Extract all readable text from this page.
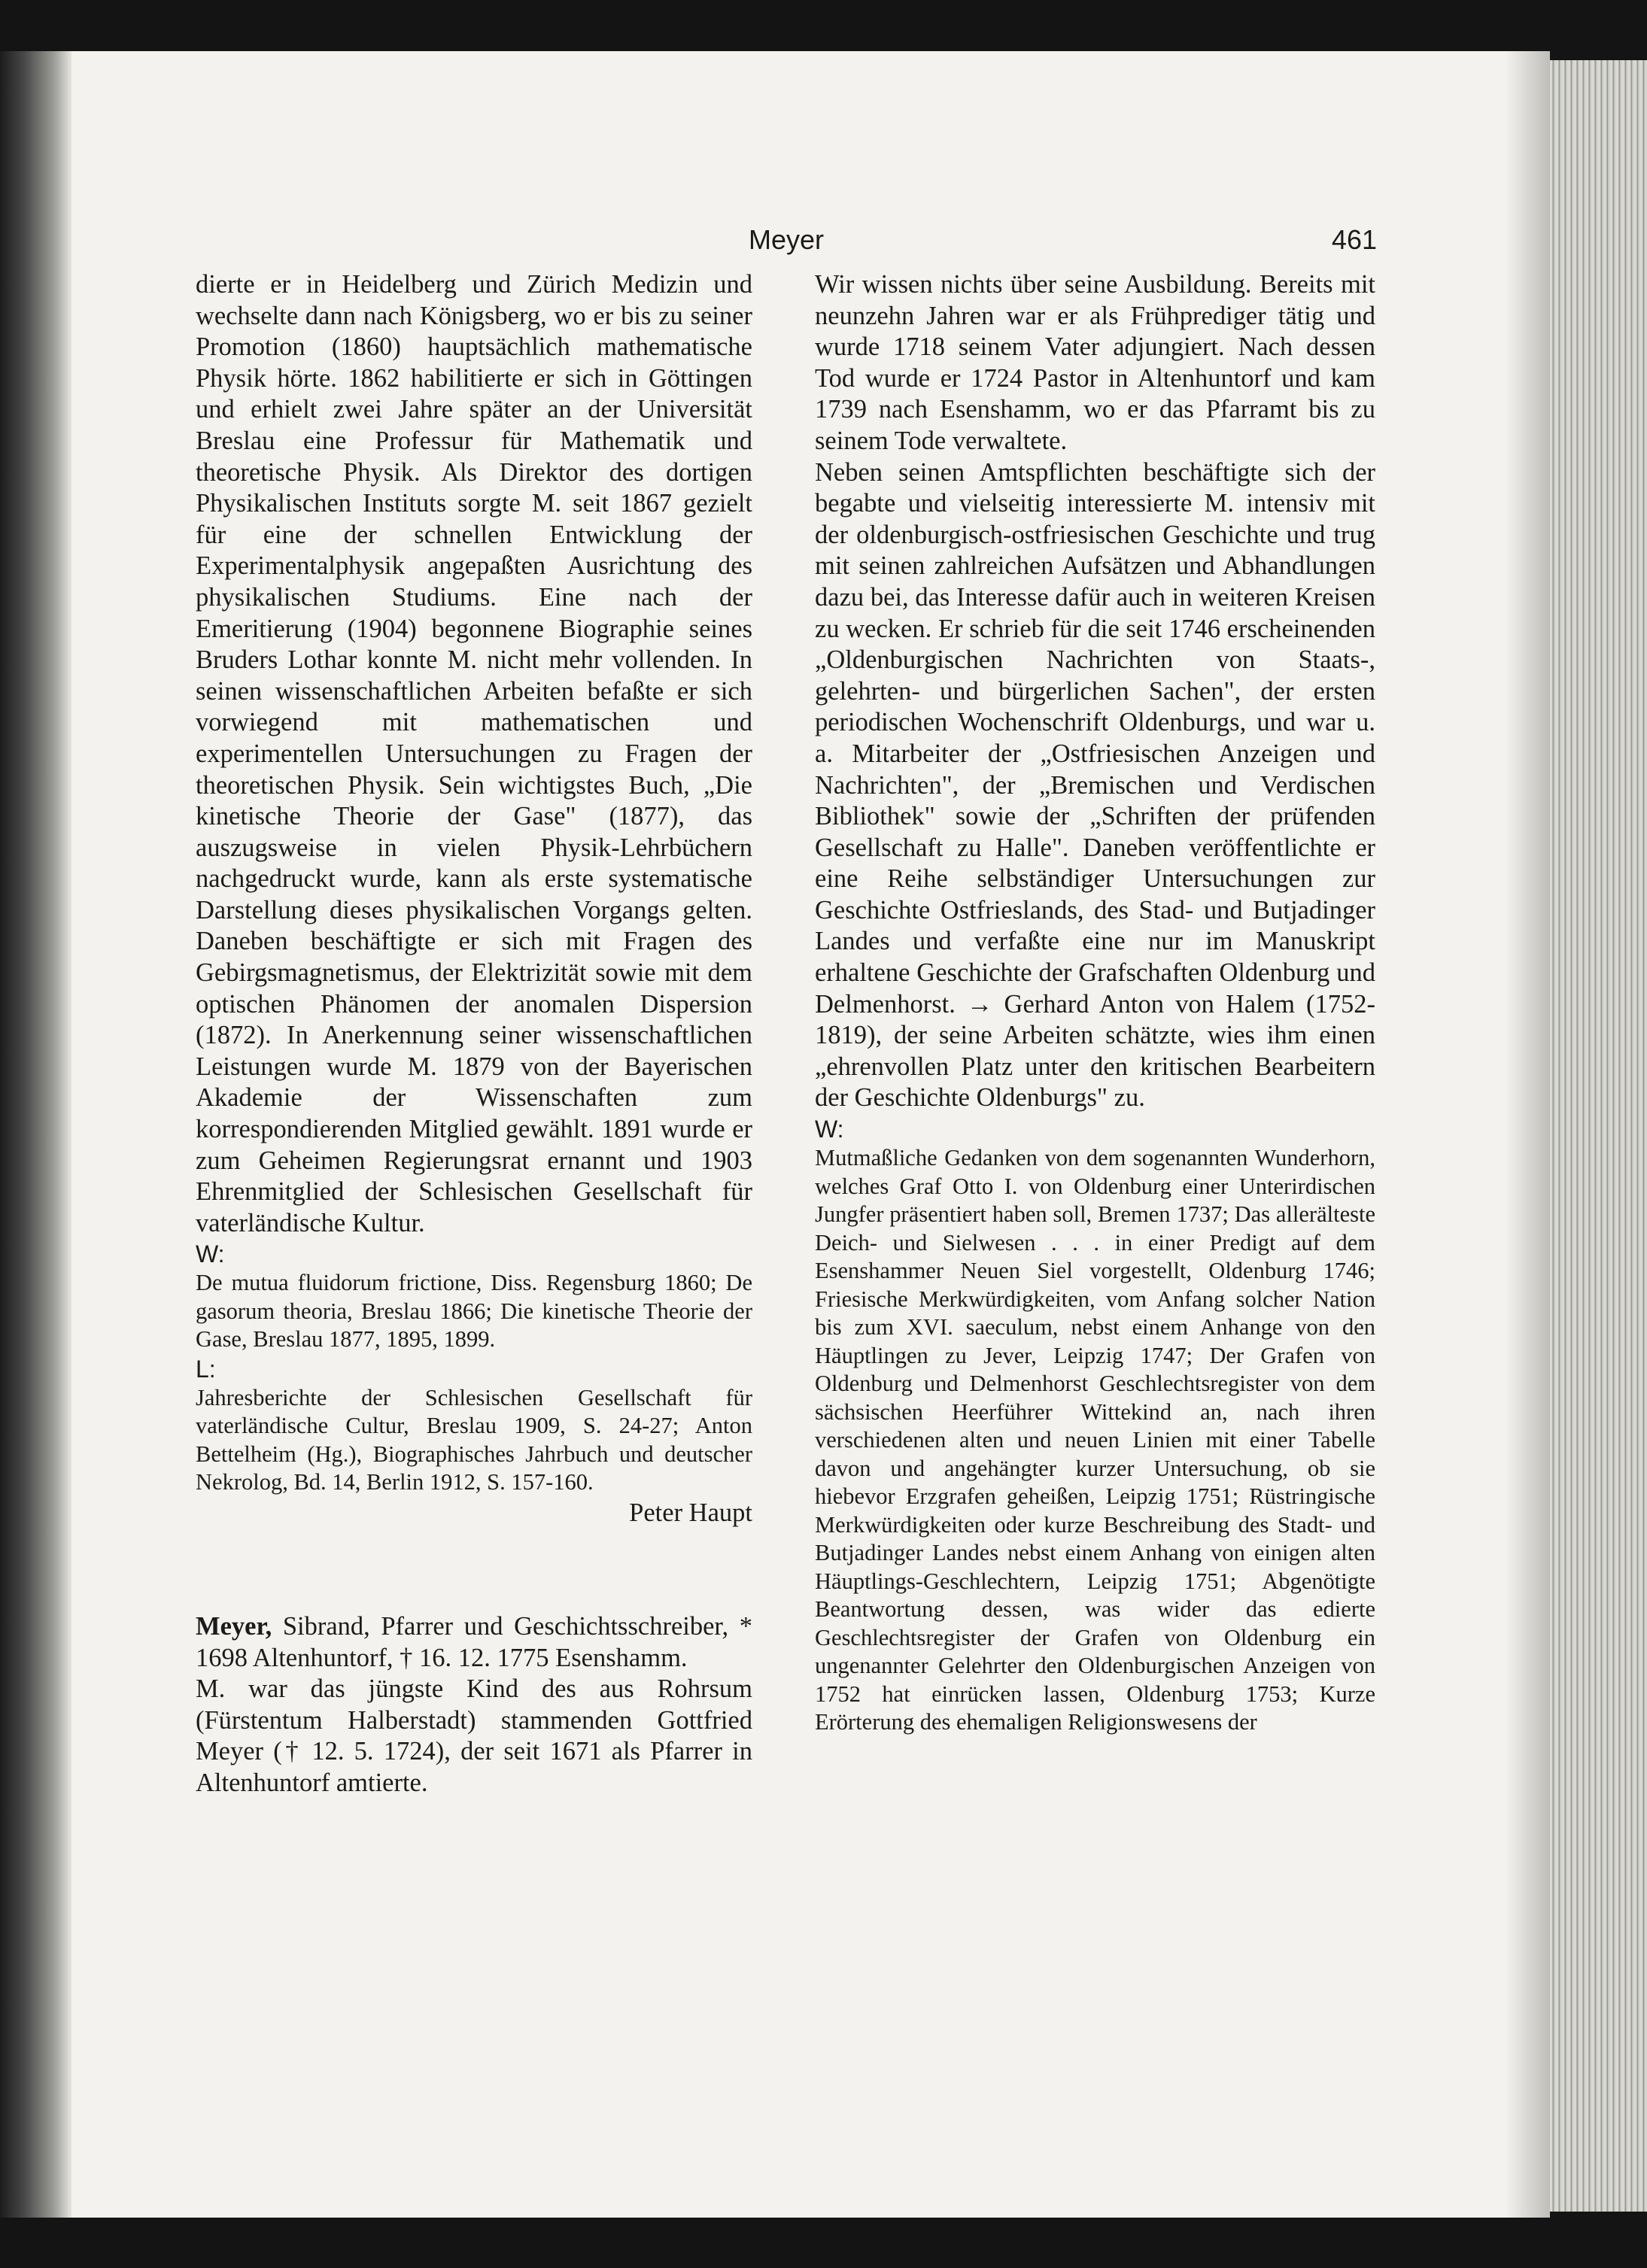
Meyer	461

dierte er in Heidelberg und Zürich Medizin und wechselte dann nach Königsberg, wo er bis zu seiner Promotion (1860) hauptsächlich mathematische Physik hörte. 1862 habilitierte er sich in Göttingen und erhielt zwei Jahre später an der Universität Breslau eine Professur für Mathematik und theoretische Physik. Als Direktor des dortigen Physikalischen Instituts sorgte M. seit 1867 gezielt für eine der schnellen Entwicklung der Experimentalphysik angepaßten Ausrichtung des physikalischen Studiums. Eine nach der Emeritierung (1904) begonnene Biographie seines Bruders Lothar konnte M. nicht mehr vollenden. In seinen wissenschaftlichen Arbeiten befaßte er sich vorwiegend mit mathematischen und experimentellen Untersuchungen zu Fragen der theoretischen Physik. Sein wichtigstes Buch, „Die kinetische Theorie der Gase" (1877), das auszugsweise in vielen Physik-Lehrbüchern nachgedruckt wurde, kann als erste systematische Darstellung dieses physikalischen Vorgangs gelten. Daneben beschäftigte er sich mit Fragen des Gebirgsmagnetismus, der Elektrizität sowie mit dem optischen Phänomen der anomalen Dispersion (1872). In Anerkennung seiner wissenschaftlichen Leistungen wurde M. 1879 von der Bayerischen Akademie der Wissenschaften zum korrespondierenden Mitglied gewählt. 1891 wurde er zum Geheimen Regierungsrat ernannt und 1903 Ehrenmitglied der Schlesischen Gesellschaft für vaterländische Kultur.

W:

De mutua fluidorum frictione, Diss. Regensburg 1860; De gasorum theoria, Breslau 1866; Die kinetische Theorie der Gase, Breslau 1877, 1895, 1899.

L:

Jahresberichte der Schlesischen Gesellschaft für vaterländische Cultur, Breslau 1909, S. 24-27; Anton Bettelheim (Hg.), Biographisches Jahrbuch und deutscher Nekrolog, Bd. 14, Berlin 1912, S. 157-160.

Peter Haupt

Meyer, Sibrand, Pfarrer und Geschichtsschreiber, * 1698 Altenhuntorf, † 16. 12. 1775 Esenshamm.

M. war das jüngste Kind des aus Rohrsum (Fürstentum Halberstadt) stammenden Gottfried Meyer († 12. 5. 1724), der seit 1671 als Pfarrer in Altenhuntorf amtierte.

Wir wissen nichts über seine Ausbildung. Bereits mit neunzehn Jahren war er als Frühprediger tätig und wurde 1718 seinem Vater adjungiert. Nach dessen Tod wurde er 1724 Pastor in Altenhuntorf und kam 1739 nach Esenshamm, wo er das Pfarramt bis zu seinem Tode verwaltete.

Neben seinen Amtspflichten beschäftigte sich der begabte und vielseitig interessierte M. intensiv mit der oldenburgisch-ostfriesischen Geschichte und trug mit seinen zahlreichen Aufsätzen und Abhandlungen dazu bei, das Interesse dafür auch in weiteren Kreisen zu wecken. Er schrieb für die seit 1746 erscheinenden „Oldenburgischen Nachrichten von Staats-, gelehrten- und bürgerlichen Sachen", der ersten periodischen Wochenschrift Oldenburgs, und war u. a. Mitarbeiter der „Ostfriesischen Anzeigen und Nachrichten", der „Bremischen und Verdischen Bibliothek" sowie der „Schriften der prüfenden Gesellschaft zu Halle". Daneben veröffentlichte er eine Reihe selbständiger Untersuchungen zur Geschichte Ostfrieslands, des Stad- und Butjadinger Landes und verfaßte eine nur im Manuskript erhaltene Geschichte der Grafschaften Oldenburg und Delmenhorst. → Gerhard Anton von Halem (1752-1819), der seine Arbeiten schätzte, wies ihm einen „ehrenvollen Platz unter den kritischen Bearbeitern der Geschichte Oldenburgs" zu.

W:

Mutmaßliche Gedanken von dem sogenannten Wunderhorn, welches Graf Otto I. von Oldenburg einer Unterirdischen Jungfer präsentiert haben soll, Bremen 1737; Das allerälteste Deich- und Sielwesen . . . in einer Predigt auf dem Esenshammer Neuen Siel vorgestellt, Oldenburg 1746; Friesische Merkwürdigkeiten, vom Anfang solcher Nation bis zum XVI. saeculum, nebst einem Anhange von den Häuptlingen zu Jever, Leipzig 1747; Der Grafen von Oldenburg und Delmenhorst Geschlechtsregister von dem sächsischen Heerführer Wittekind an, nach ihren verschiedenen alten und neuen Linien mit einer Tabelle davon und angehängter kurzer Untersuchung, ob sie hiebevor Erzgrafen geheißen, Leipzig 1751; Rüstringische Merkwürdigkeiten oder kurze Beschreibung des Stadt- und Butjadinger Landes nebst einem Anhang von einigen alten Häuptlings-Geschlechtern, Leipzig 1751; Abgenötigte Beantwortung dessen, was wider das edierte Geschlechtsregister der Grafen von Oldenburg ein ungenannter Gelehrter den Oldenburgischen Anzeigen von 1752 hat einrücken lassen, Oldenburg 1753; Kurze Erörterung des ehemaligen Religionswesens der
